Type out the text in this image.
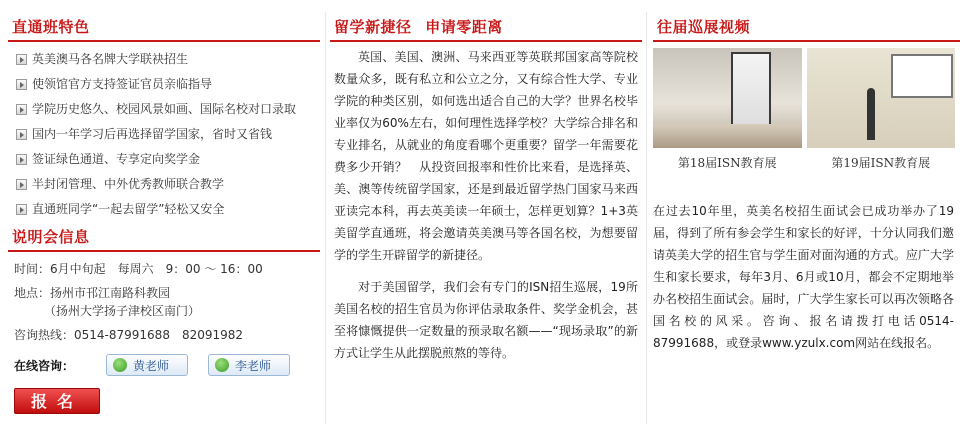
直通班特色
英美澳马各名牌大学联袂招生
使领馆官方支持签证官员亲临指导
学院历史悠久、校园风景如画、国际名校对口录取
国内一年学习后再选择留学国家，省时又省钱
签证绿色通道、专享定向奖学金
半封闭管理、中外优秀教师联合教学
直通班同学“一起去留学”轻松又安全
说明会信息
时间：6月中旬起　每周六　9：00 ～ 16：00
地点：扬州市邗江南路科教园
（扬州大学扬子津校区南门）
咨询热线：0514-87991688　82091982
在线咨询：	黄老师	李老师
报名
留学新捷径 申请零距离

英国、美国、澳洲、马来西亚等英联邦国家高等院校数量众多，既有私立和公立之分，又有综合性大学、专业学院的种类区别，如何选出适合自己的大学？世界名校毕业率仅为60%左右，如何理性选择学校？大学综合排名和专业排名，从就业的角度看哪个更重要？留学一年需要花费多少开销？　从投资回报率和性价比来看，是选择英、美、澳等传统留学国家，还是到最近留学热门国家马来西亚读完本科，再去英美读一年硕士，怎样更划算？1+3英美留学直通班，将会邀请英美澳马等各国名校，为想要留学的学生开辟留学的新捷径。

对于美国留学，我们会有专门的ISN招生巡展，19所美国名校的招生官员为你评估录取条件、奖学金机会，甚至将慷慨提供一定数量的预录取名额——“现场录取”的新方式让学生从此摆脱煎熬的等待。

往届巡展视频
第18届ISN教育展	第19届ISN教育展

在过去10年里，英美名校招生面试会已成功举办了19届，得到了所有参会学生和家长的好评，十分认同我们邀请英美大学的招生官与学生面对面沟通的方式。应广大学生和家长要求，每年3月、6月或10月，都会不定期地举办名校招生面试会。届时，广大学生家长可以再次领略各国名校的风采。咨询、报名请拨打电话0514-87991688，或登录www.yzulx.com网站在线报名。
